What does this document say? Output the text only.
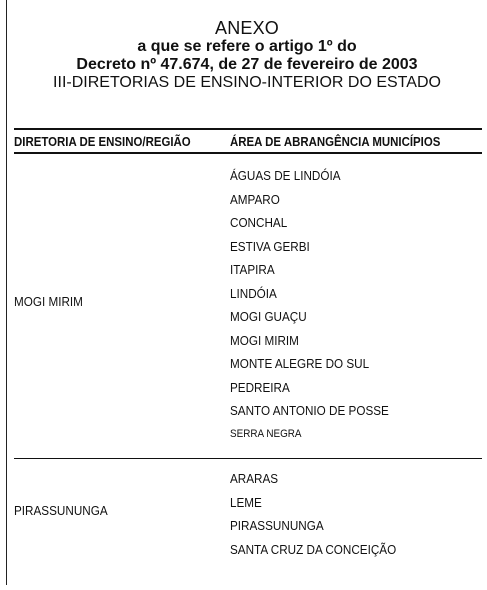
ANEXO
a que se refere o artigo 1º do
Decreto nº 47.674, de 27 de fevereiro de 2003
III-DIRETORIAS DE ENSINO-INTERIOR DO ESTADO
DIRETORIA DE ENSINO/REGIÃO	ÁREA DE ABRANGÊNCIA MUNICÍPIOS
MOGI MIRIM
ÁGUAS DE LINDÓIA
AMPARO
CONCHAL
ESTIVA GERBI
ITAPIRA
LINDÓIA
MOGI GUAÇU
MOGI MIRIM
MONTE ALEGRE DO SUL
PEDREIRA
SANTO ANTONIO DE POSSE
SERRA NEGRA
PIRASSUNUNGA
ARARAS
LEME
PIRASSUNUNGA
SANTA CRUZ DA CONCEIÇÃO
